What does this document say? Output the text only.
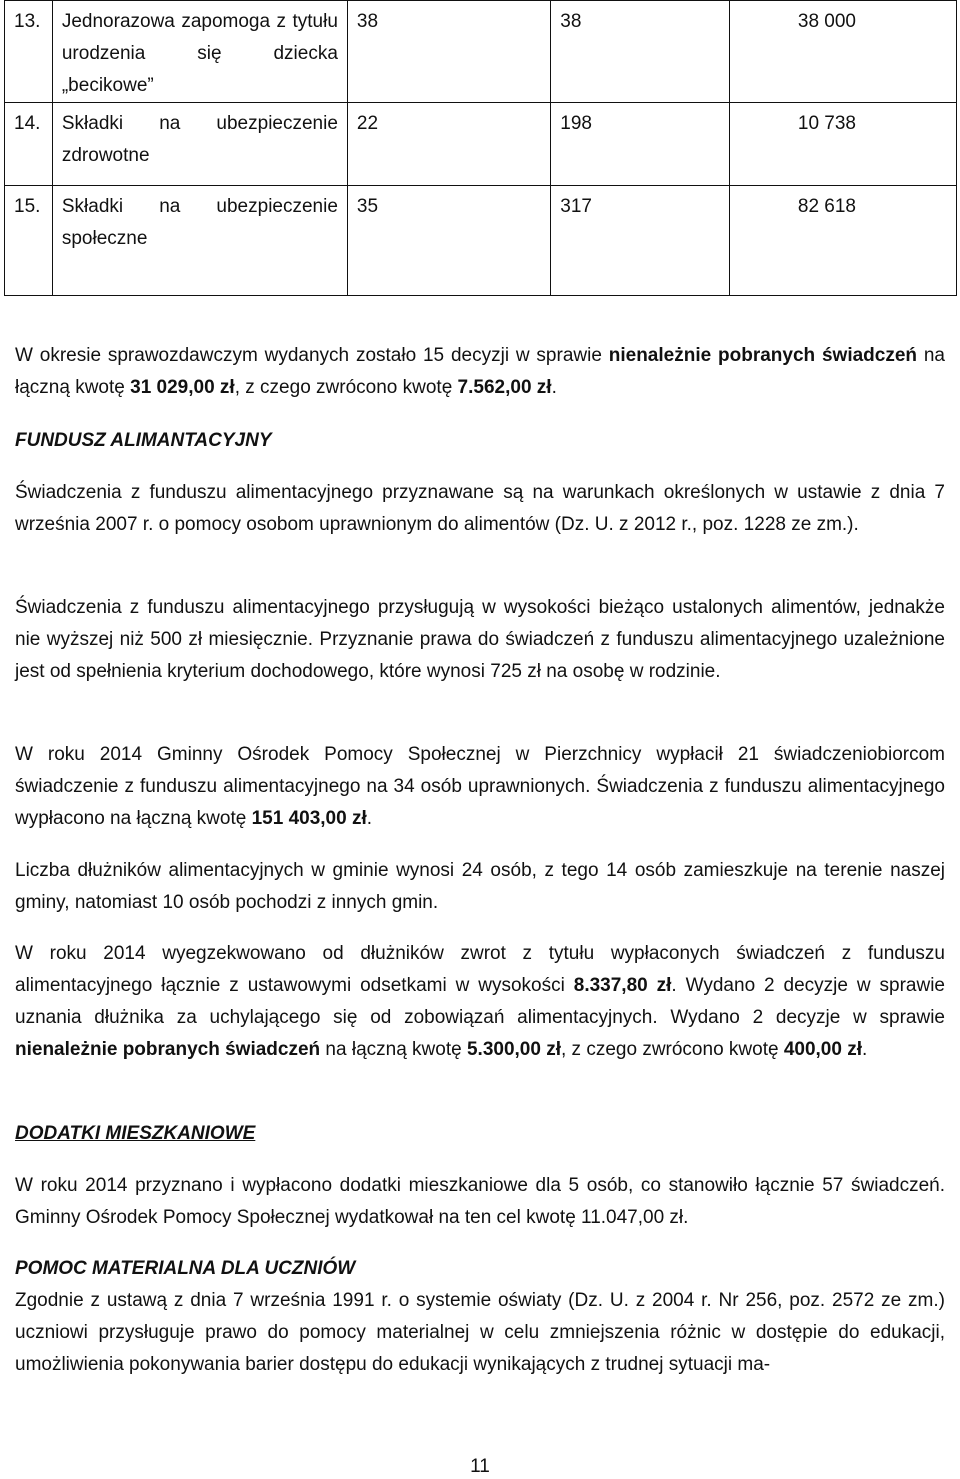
13.	Jednorazowa zapomoga z tytułu urodzenia się dziecka „becikowe”	38	38	38 000
14.	Składki na ubezpieczenie zdrowotne	22	198	10 738
15.	Składki na ubezpieczenie społeczne	35	317	82 618

W okresie sprawozdawczym wydanych zostało 15 decyzji w sprawie nienależnie pobranych świadczeń na łączną kwotę 31 029,00 zł, z czego zwrócono kwotę 7.562,00 zł.

FUNDUSZ ALIMANTACYJNY

Świadczenia z funduszu alimentacyjnego przyznawane są na warunkach określonych w ustawie z dnia 7 września 2007 r. o pomocy osobom uprawnionym do alimentów (Dz. U. z 2012 r., poz. 1228 ze zm.).

Świadczenia z funduszu alimentacyjnego przysługują w wysokości bieżąco ustalonych alimentów, jednakże nie wyższej niż 500 zł miesięcznie. Przyznanie prawa do świadczeń z funduszu alimentacyjnego uzależnione jest od spełnienia kryterium dochodowego, które wynosi 725 zł na osobę w rodzinie.

W roku 2014 Gminny Ośrodek Pomocy Społecznej w Pierzchnicy wypłacił 21 świadczeniobiorcom świadczenie z funduszu alimentacyjnego na 34 osób uprawnionych. Świadczenia z funduszu alimentacyjnego wypłacono na łączną kwotę 151 403,00 zł.

Liczba dłużników alimentacyjnych w gminie wynosi 24 osób, z tego 14 osób zamieszkuje na terenie naszej gminy, natomiast 10 osób pochodzi z innych gmin.

W roku 2014 wyegzekwowano od dłużników zwrot z tytułu wypłaconych świadczeń z funduszu alimentacyjnego łącznie z ustawowymi odsetkami w wysokości 8.337,80 zł. Wydano 2 decyzje w sprawie uznania dłużnika za uchylającego się od zobowiązań alimentacyjnych. Wydano 2 decyzje w sprawie nienależnie pobranych świadczeń na łączną kwotę 5.300,00 zł, z czego zwrócono kwotę 400,00 zł.

DODATKI MIESZKANIOWE

W roku 2014 przyznano i wypłacono dodatki mieszkaniowe dla 5 osób, co stanowiło łącznie 57 świadczeń. Gminny Ośrodek Pomocy Społecznej wydatkował na ten cel kwotę 11.047,00 zł.

POMOC MATERIALNA DLA UCZNIÓW

Zgodnie z ustawą z dnia 7 września 1991 r. o systemie oświaty (Dz. U. z 2004 r. Nr 256, poz. 2572 ze zm.) uczniowi przysługuje prawo do pomocy materialnej w celu zmniejszenia różnic w dostępie do edukacji, umożliwienia pokonywania barier dostępu do edukacji wynikających z trudnej sytuacji ma-

11
